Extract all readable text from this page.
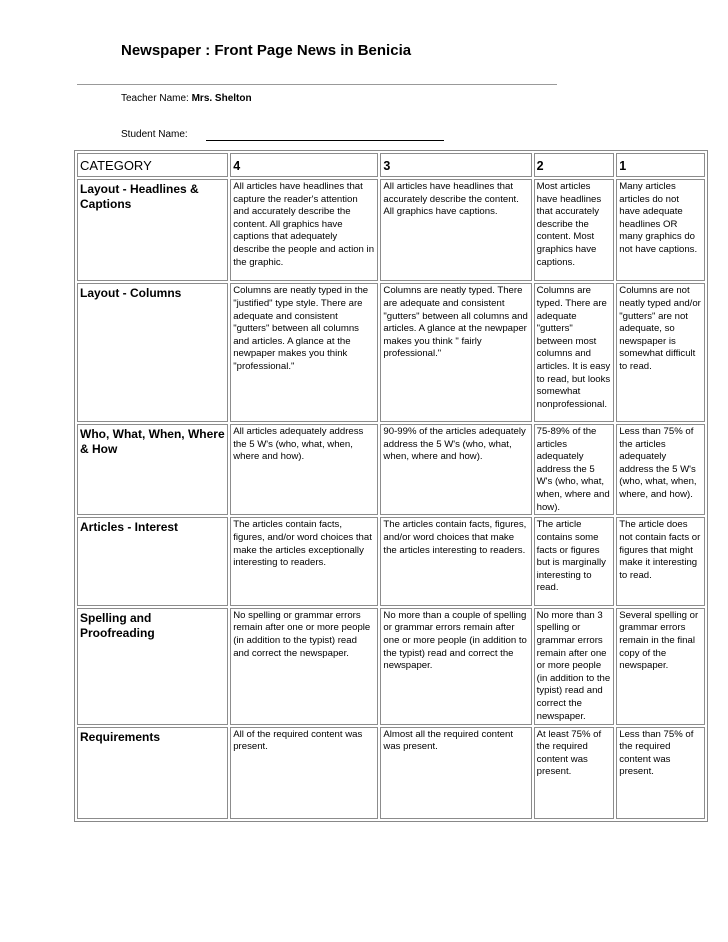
Newspaper : Front Page News in Benicia
Teacher Name: Mrs. Shelton
Student Name:
CATEGORY	4	3	2	1
Layout - Headlines & Captions	All articles have headlines that capture the reader's attention and accurately describe the content. All graphics have captions that adequately describe the people and action in the graphic.	All articles have headlines that accurately describe the content. All graphics have captions.	Most articles have headlines that accurately describe the content. Most graphics have captions.	Many articles articles do not have adequate headlines OR many graphics do not have captions.
Layout - Columns	Columns are neatly typed in the "justified" type style. There are adequate and consistent "gutters" between all columns and articles. A glance at the newpaper makes you think "professional."	Columns are neatly typed. There are adequate and consistent "gutters" between all columns and articles. A glance at the newpaper makes you think " fairly professional."	Columns are typed. There are adequate "gutters" between most columns and articles. It is easy to read, but looks somewhat nonprofessional.	Columns are not neatly typed and/or "gutters" are not adequate, so newspaper is somewhat difficult to read.
Who, What, When, Where & How	All articles adequately address the 5 W's (who, what, when, where and how).	90-99% of the articles adequately address the 5 W's (who, what, when, where and how).	75-89% of the articles adequately address the 5 W's (who, what, when, where and how).	Less than 75% of the articles adequately address the 5 W's (who, what, when, where, and how).
Articles - Interest	The articles contain facts, figures, and/or word choices that make the articles exceptionally interesting to readers.	The articles contain facts, figures, and/or word choices that make the articles interesting to readers.	The article contains some facts or figures but is marginally interesting to read.	The article does not contain facts or figures that might make it interesting to read.
Spelling and Proofreading	No spelling or grammar errors remain after one or more people (in addition to the typist) read and correct the newspaper.	No more than a couple of spelling or grammar errors remain after one or more people (in addition to the typist) read and correct the newspaper.	No more than 3 spelling or grammar errors remain after one or more people (in addition to the typist) read and correct the newspaper.	Several spelling or grammar errors remain in the final copy of the newspaper.
Requirements	All of the required content was present.	Almost all the required content was present.	At least 75% of the required content was present.	Less than 75% of the required content was present.
